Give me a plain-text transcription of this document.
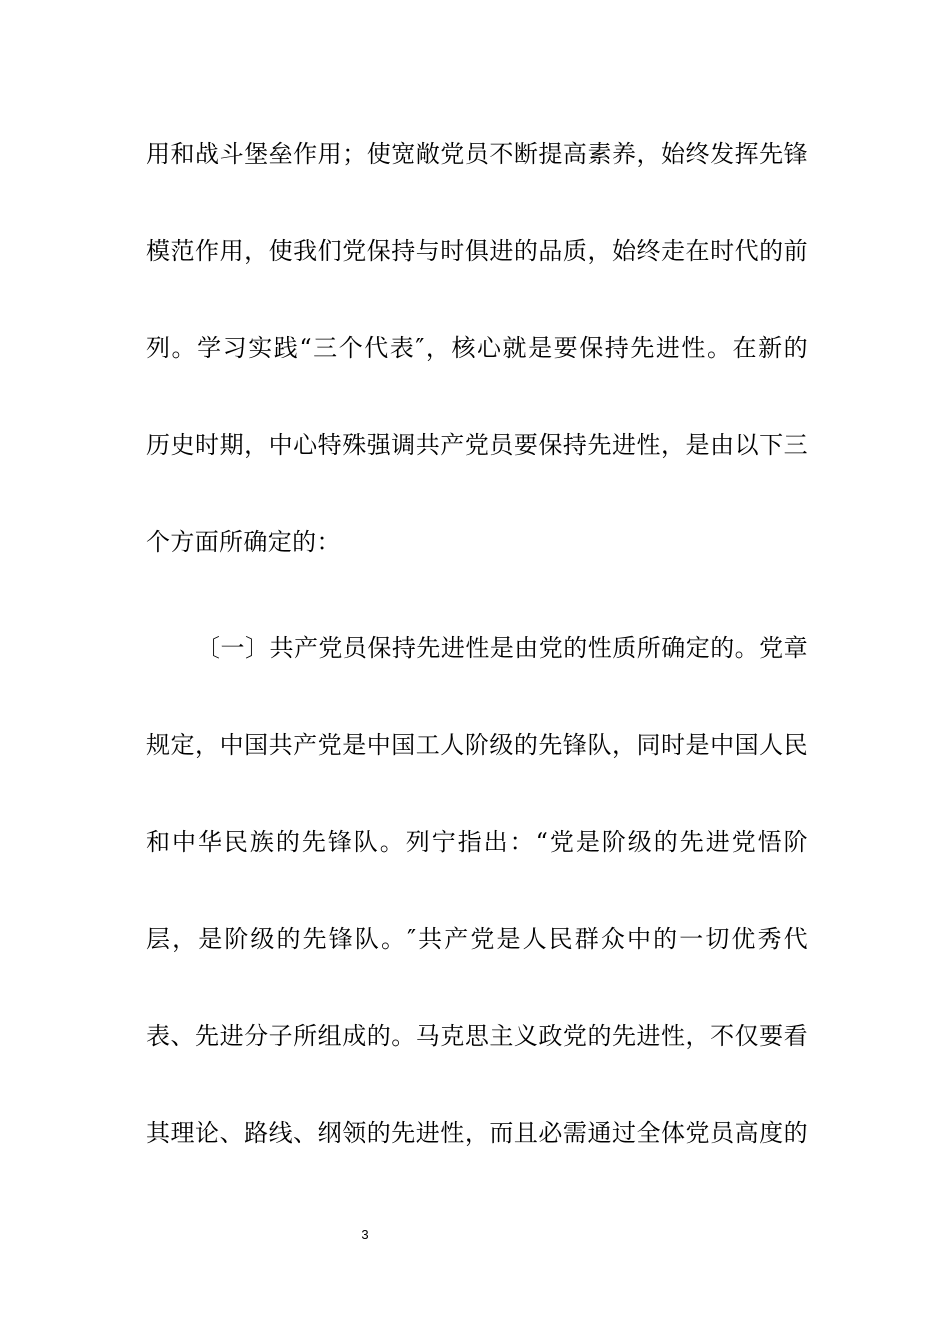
用和战斗堡垒作用；使宽敞党员不断提高素养，始终发挥先锋
模范作用，使我们党保持与时俱进的品质，始终走在时代的前
列。学习实践“三个代表″，核心就是要保持先进性。在新的
历史时期，中心特殊强调共产党员要保持先进性，是由以下三
个方面所确定的：
〔一〕共产党员保持先进性是由党的性质所确定的。党章
规定，中国共产党是中国工人阶级的先锋队，同时是中国人民
和中华民族的先锋队。列宁指出：“党是阶级的先进党悟阶
层，是阶级的先锋队。″共产党是人民群众中的一切优秀代
表、先进分子所组成的。马克思主义政党的先进性，不仅要看
其理论、路线、纲领的先进性，而且必需通过全体党员高度的
3
